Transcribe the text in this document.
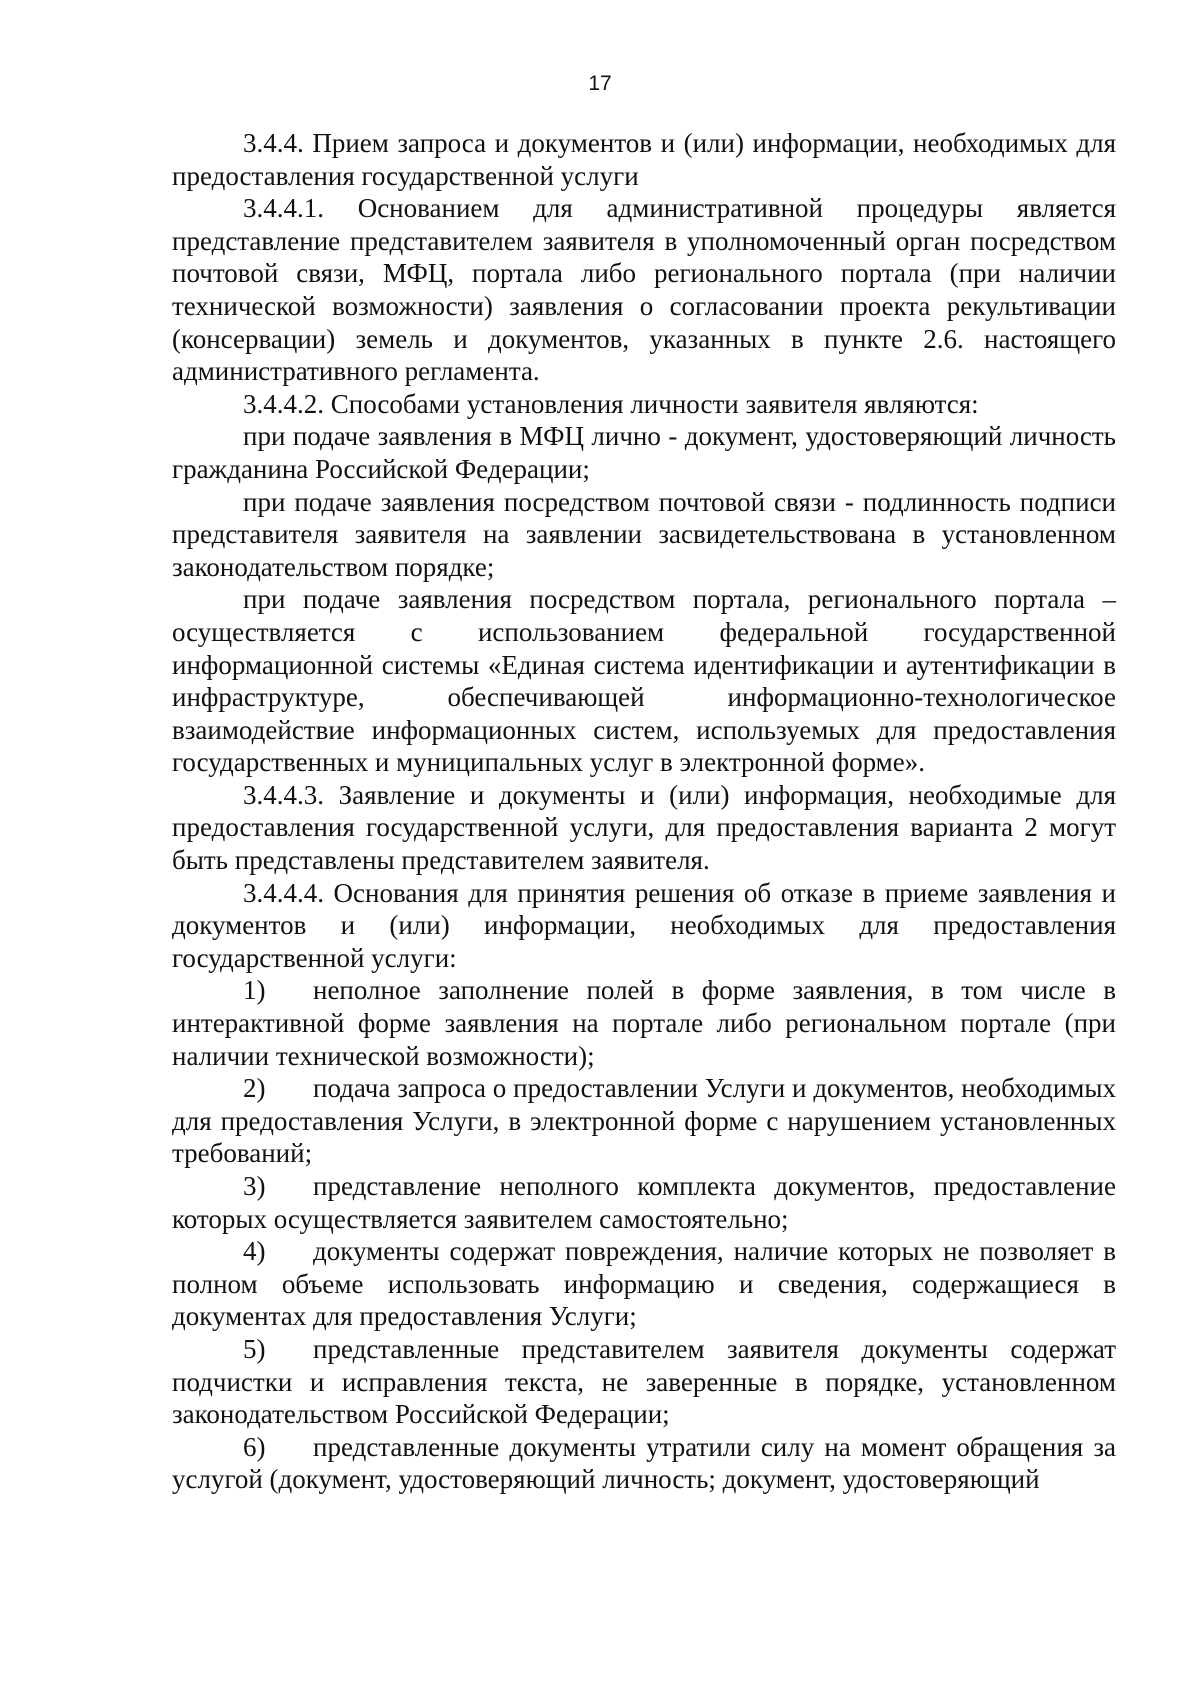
17

3.4.4. Прием запроса и документов и (или) информации, необходимых для предоставления государственной услуги

3.4.4.1. Основанием для административной процедуры является представление представителем заявителя в уполномоченный орган посредством почтовой связи, МФЦ, портала либо регионального портала (при наличии технической возможности) заявления о согласовании проекта рекультивации (консервации) земель и документов, указанных в пункте 2.6. настоящего административного регламента.

3.4.4.2. Способами установления личности заявителя являются:

при подаче заявления в МФЦ лично - документ, удостоверяющий личность гражданина Российской Федерации;

при подаче заявления посредством почтовой связи - подлинность подписи представителя заявителя на заявлении засвидетельствована в установленном законодательством порядке;

при подаче заявления посредством портала, регионального портала – осуществляется с использованием федеральной государственной информационной системы «Единая система идентификации и аутентификации в инфраструктуре, обеспечивающей информационно-технологическое взаимодействие информационных систем, используемых для предоставления государственных и муниципальных услуг в электронной форме».

3.4.4.3. Заявление и документы и (или) информация, необходимые для предоставления государственной услуги, для предоставления варианта 2 могут быть представлены представителем заявителя.

3.4.4.4. Основания для принятия решения об отказе в приеме заявления и документов и (или) информации, необходимых для предоставления государственной услуги:

1) неполное заполнение полей в форме заявления, в том числе в интерактивной форме заявления на портале либо региональном портале (при наличии технической возможности);

2) подача запроса о предоставлении Услуги и документов, необходимых для предоставления Услуги, в электронной форме с нарушением установленных требований;

3) представление неполного комплекта документов, предоставление которых осуществляется заявителем самостоятельно;

4) документы содержат повреждения, наличие которых не позволяет в полном объеме использовать информацию и сведения, содержащиеся в документах для предоставления Услуги;

5) представленные представителем заявителя документы содержат подчистки и исправления текста, не заверенные в порядке, установленном законодательством Российской Федерации;

6) представленные документы утратили силу на момент обращения за услугой (документ, удостоверяющий личность; документ, удостоверяющий
